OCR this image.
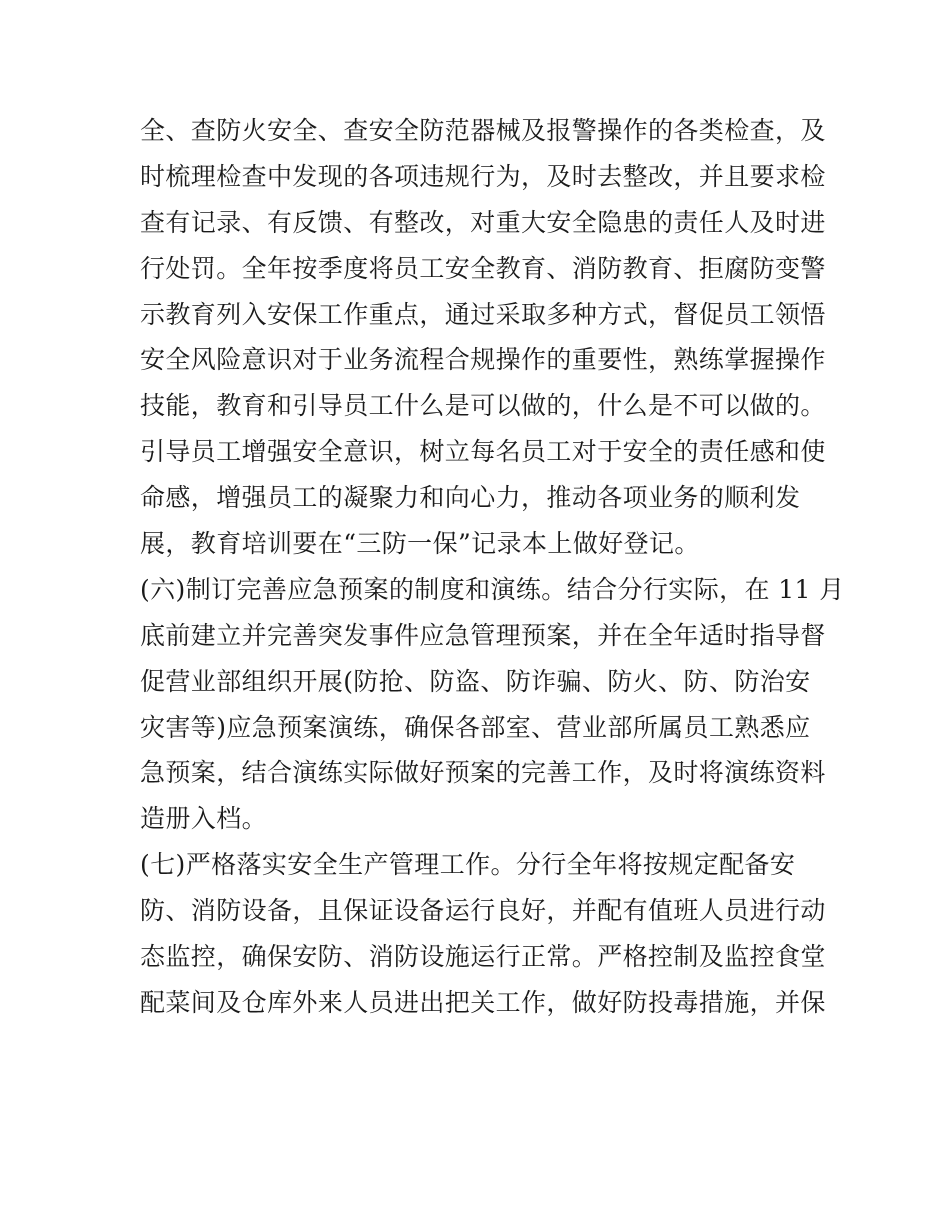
全、查防火安全、查安全防范器械及报警操作的各类检查，及
时梳理检查中发现的各项违规行为，及时去整改，并且要求检
查有记录、有反馈、有整改，对重大安全隐患的责任人及时进
行处罚。全年按季度将员工安全教育、消防教育、拒腐防变警
示教育列入安保工作重点，通过采取多种方式，督促员工领悟
安全风险意识对于业务流程合规操作的重要性，熟练掌握操作
技能，教育和引导员工什么是可以做的，什么是不可以做的。
引导员工增强安全意识，树立每名员工对于安全的责任感和使
命感，增强员工的凝聚力和向心力，推动各项业务的顺利发
展，教育培训要在“三防一保”记录本上做好登记。
(六)制订完善应急预案的制度和演练。结合分行实际，在 11 月
底前建立并完善突发事件应急管理预案，并在全年适时指导督
促营业部组织开展(防抢、防盗、防诈骗、防火、防、防治安
灾害等)应急预案演练，确保各部室、营业部所属员工熟悉应
急预案，结合演练实际做好预案的完善工作，及时将演练资料
造册入档。
(七)严格落实安全生产管理工作。分行全年将按规定配备安
防、消防设备，且保证设备运行良好，并配有值班人员进行动
态监控，确保安防、消防设施运行正常。严格控制及监控食堂
配菜间及仓库外来人员进出把关工作，做好防投毒措施，并保
